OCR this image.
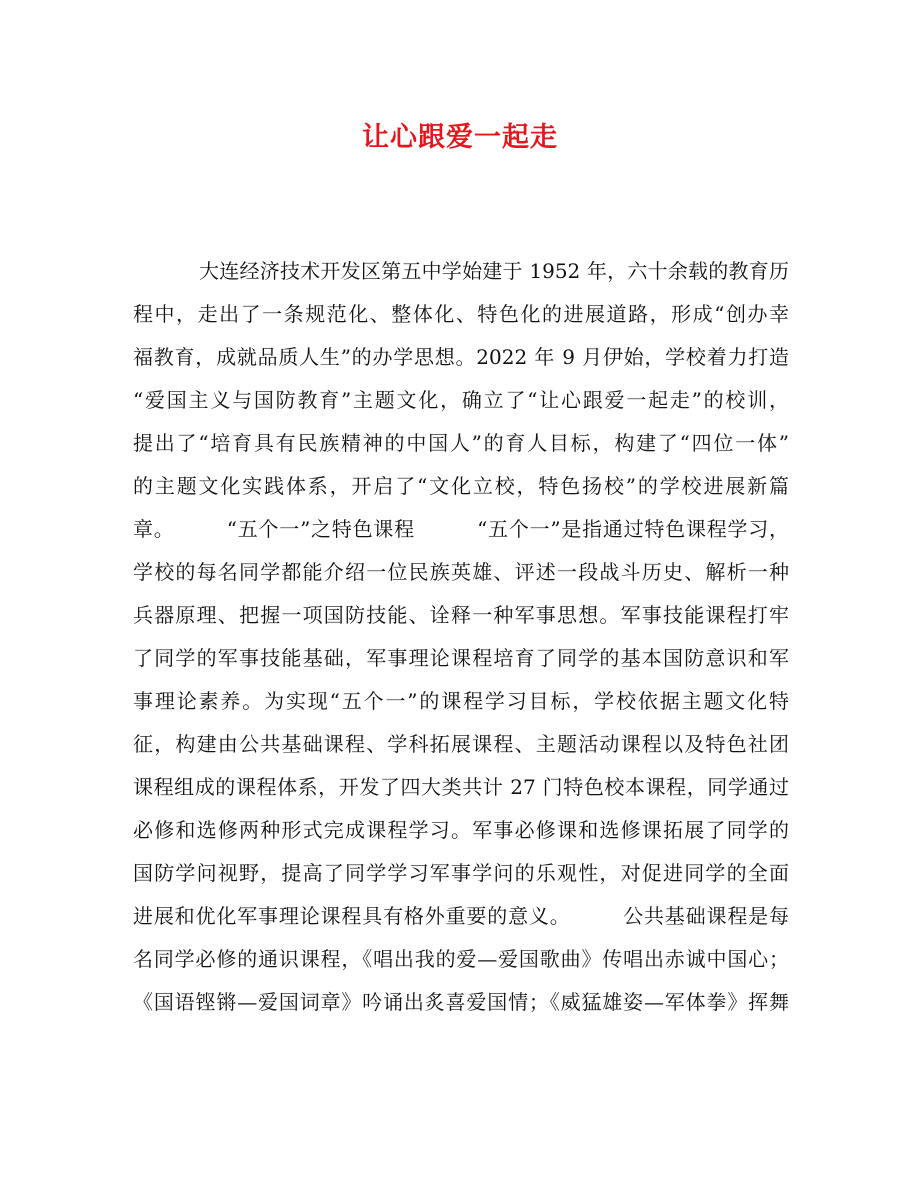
让心跟爱一起走
大连经济技术开发区第五中学始建于 1952 年，六十余载的教育历
程中，走出了一条规范化、整体化、特色化的进展道路，形成“创办幸
福教育，成就品质人生”的办学思想。2022 年 9 月伊始，学校着力打造
“爱国主义与国防教育”主题文化，确立了“让心跟爱一起走”的校训，
提出了“培育具有民族精神的中国人”的育人目标，构建了“四位一体”
的主题文化实践体系，开启了“文化立校，特色扬校”的学校进展新篇
章。　　　“五个一”之特色课程　　　“五个一”是指通过特色课程学习，
学校的每名同学都能介绍一位民族英雄、评述一段战斗历史、解析一种
兵器原理、把握一项国防技能、诠释一种军事思想。军事技能课程打牢
了同学的军事技能基础，军事理论课程培育了同学的基本国防意识和军
事理论素养。为实现“五个一”的课程学习目标，学校依据主题文化特
征，构建由公共基础课程、学科拓展课程、主题活动课程以及特色社团
课程组成的课程体系，开发了四大类共计 27 门特色校本课程，同学通过
必修和选修两种形式完成课程学习。军事必修课和选修课拓展了同学的
国防学问视野，提高了同学学习军事学问的乐观性，对促进同学的全面
进展和优化军事理论课程具有格外重要的意义。　　　公共基础课程是每
名同学必修的通识课程，《唱出我的爱—爱国歌曲》传唱出赤诚中国心；
《国语铿锵—爱国词章》吟诵出炙喜爱国情；《威猛雄姿—军体拳》挥舞
